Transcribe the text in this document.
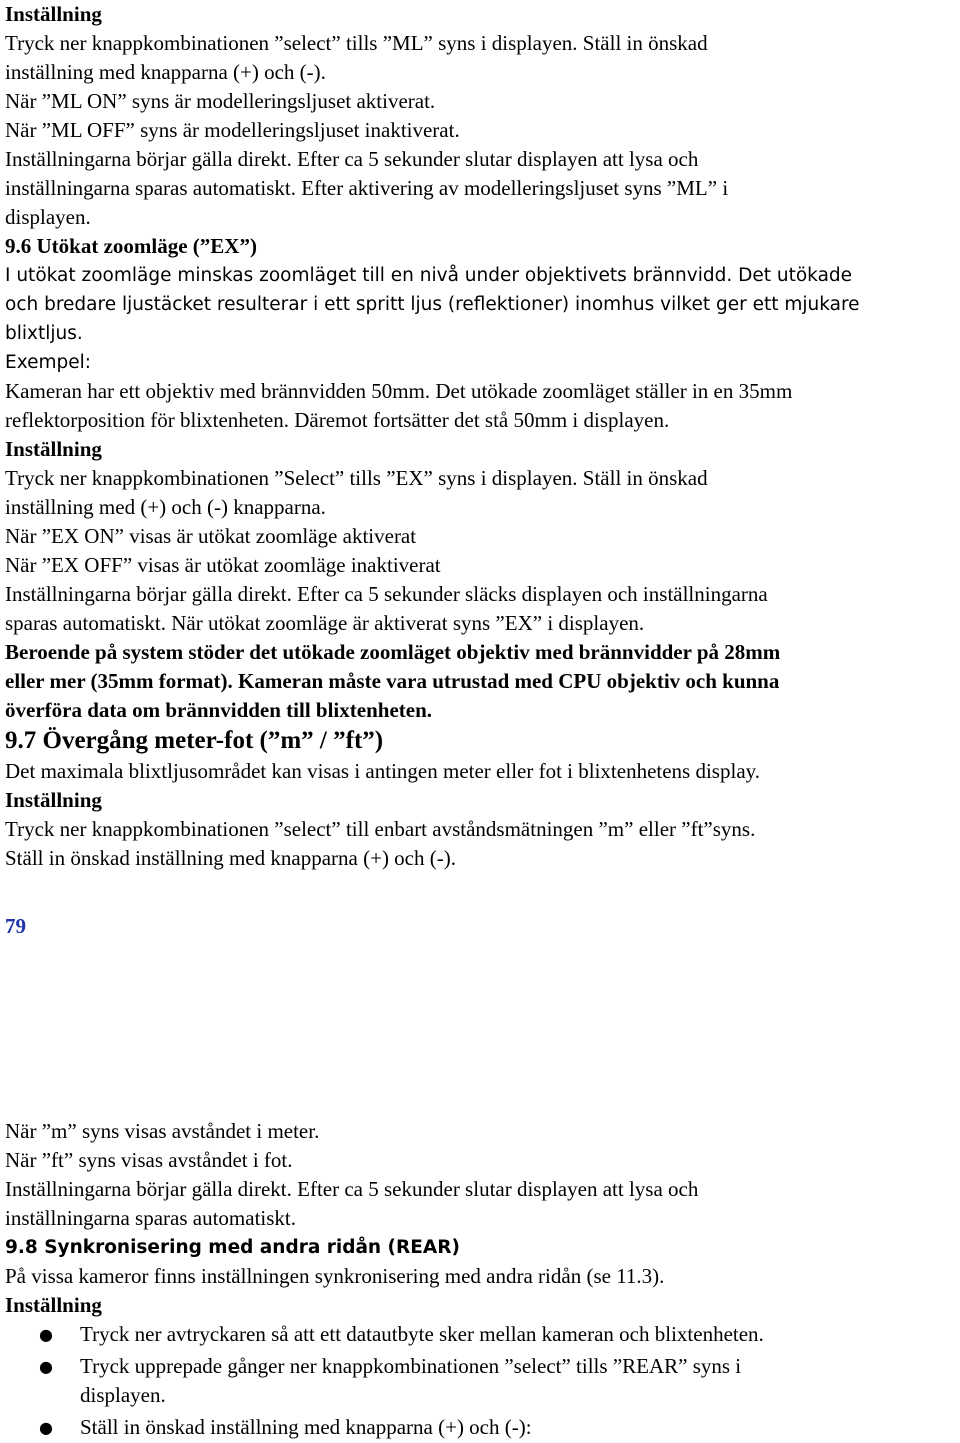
Inställning
Tryck ner knappkombinationen ”select” tills ”ML” syns i displayen. Ställ in önskad
inställning med knapparna (+) och (-).
När ”ML ON” syns är modelleringsljuset aktiverat.
När ”ML OFF” syns är modelleringsljuset inaktiverat.
Inställningarna börjar gälla direkt. Efter ca 5 sekunder slutar displayen att lysa och
inställningarna sparas automatiskt. Efter aktivering av modelleringsljuset syns ”ML” i
displayen.
9.6 Utökat zoomläge (”EX”)
I utökat zoomläge minskas zoomläget till en nivå under objektivets brännvidd. Det utökade
och bredare ljustäcket resulterar i ett spritt ljus (reflektioner) inomhus vilket ger ett mjukare
blixtljus.
Exempel:
Kameran har ett objektiv med brännvidden 50mm. Det utökade zoomläget ställer in en 35mm
reflektorposition för blixtenheten. Däremot fortsätter det stå 50mm i displayen.
Inställning
Tryck ner knappkombinationen ”Select” tills ”EX” syns i displayen. Ställ in önskad
inställning med (+) och (-) knapparna.
När ”EX ON” visas är utökat zoomläge aktiverat
När ”EX OFF” visas är utökat zoomläge inaktiverat
Inställningarna börjar gälla direkt. Efter ca 5 sekunder släcks displayen och inställningarna
sparas automatiskt. När utökat zoomläge är aktiverat syns ”EX” i displayen.
Beroende på system stöder det utökade zoomläget objektiv med brännvidder på 28mm
eller mer (35mm format). Kameran måste vara utrustad med CPU objektiv och kunna
överföra data om brännvidden till blixtenheten.
9.7 Övergång meter-fot (”m” / ”ft”)
Det maximala blixtljusområdet kan visas i antingen meter eller fot i blixtenhetens display.
Inställning
Tryck ner knappkombinationen ”select” till enbart avståndsmätningen ”m” eller ”ft”syns.
Ställ in önskad inställning med knapparna (+) och (-).
79
När ”m” syns visas avståndet i meter.
När ”ft” syns visas avståndet i fot.
Inställningarna börjar gälla direkt. Efter ca 5 sekunder slutar displayen att lysa och
inställningarna sparas automatiskt.
9.8 Synkronisering med andra ridån (REAR)
På vissa kameror finns inställningen synkronisering med andra ridån (se 11.3).
Inställning
● Tryck ner avtryckaren så att ett datautbyte sker mellan kameran och blixtenheten.
● Tryck upprepade gånger ner knappkombinationen ”select” tills ”REAR” syns i
displayen.
● Ställ in önskad inställning med knapparna (+) och (-):
